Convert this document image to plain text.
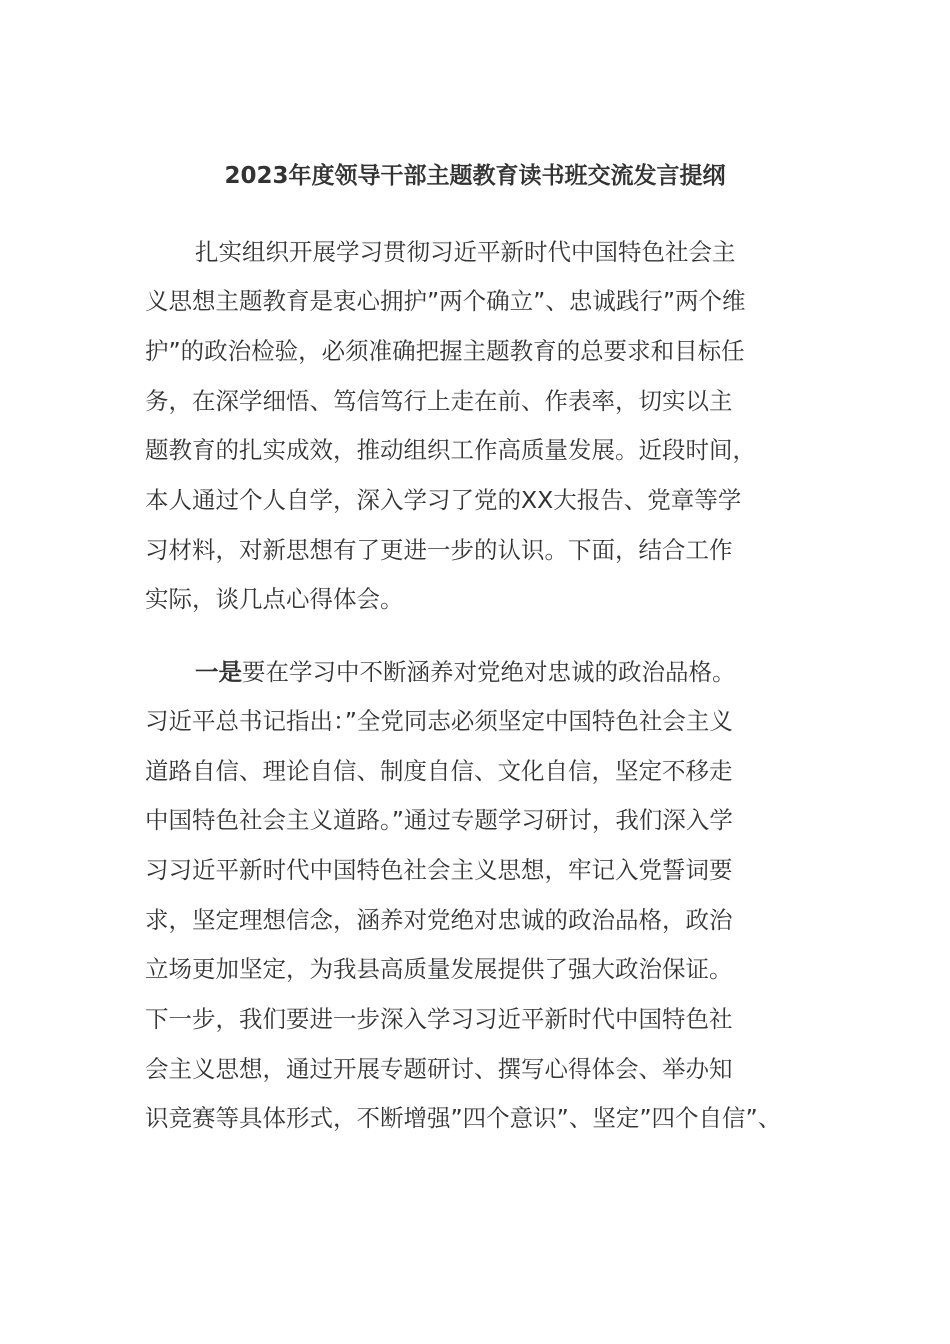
2023年度领导干部主题教育读书班交流发言提纲
扎实组织开展学习贯彻习近平新时代中国特色社会主
义思想主题教育是衷心拥护”两个确立”、忠诚践行”两个维
护”的政治检验，必须准确把握主题教育的总要求和目标任
务，在深学细悟、笃信笃行上走在前、作表率，切实以主
题教育的扎实成效，推动组织工作高质量发展。近段时间，
本人通过个人自学，深入学习了党的XX大报告、党章等学
习材料，对新思想有了更进一步的认识。下面，结合工作
实际，谈几点心得体会。
一是要在学习中不断涵养对党绝对忠诚的政治品格。
习近平总书记指出：”全党同志必须坚定中国特色社会主义
道路自信、理论自信、制度自信、文化自信，坚定不移走
中国特色社会主义道路。”通过专题学习研讨，我们深入学
习习近平新时代中国特色社会主义思想，牢记入党誓词要
求，坚定理想信念，涵养对党绝对忠诚的政治品格，政治
立场更加坚定，为我县高质量发展提供了强大政治保证。
下一步，我们要进一步深入学习习近平新时代中国特色社
会主义思想，通过开展专题研讨、撰写心得体会、举办知
识竞赛等具体形式，不断增强”四个意识”、坚定”四个自信”、
